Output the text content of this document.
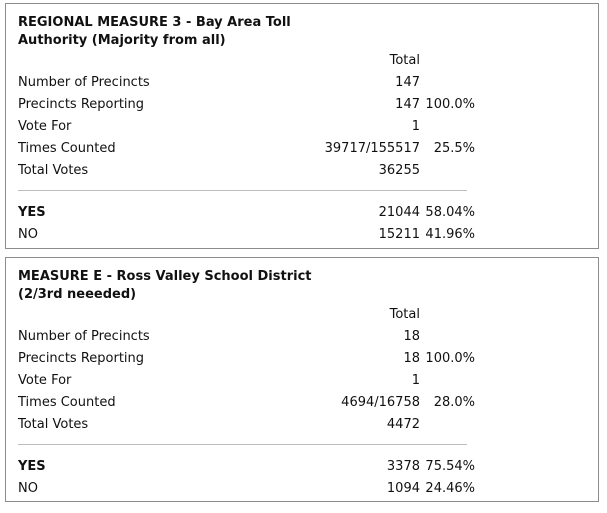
REGIONAL MEASURE 3 - Bay Area Toll
Authority (Majority from all)
Total
Number of Precincts	147
Precincts Reporting	147 100.0%
Vote For	1
Times Counted	39717/155517 25.5%
Total Votes	36255
YES	21044 58.04%
NO	15211 41.96%
MEASURE E - Ross Valley School District
(2/3rd neeeded)
Total
Number of Precincts	18
Precincts Reporting	18 100.0%
Vote For	1
Times Counted	4694/16758 28.0%
Total Votes	4472
YES	3378 75.54%
NO	1094 24.46%
